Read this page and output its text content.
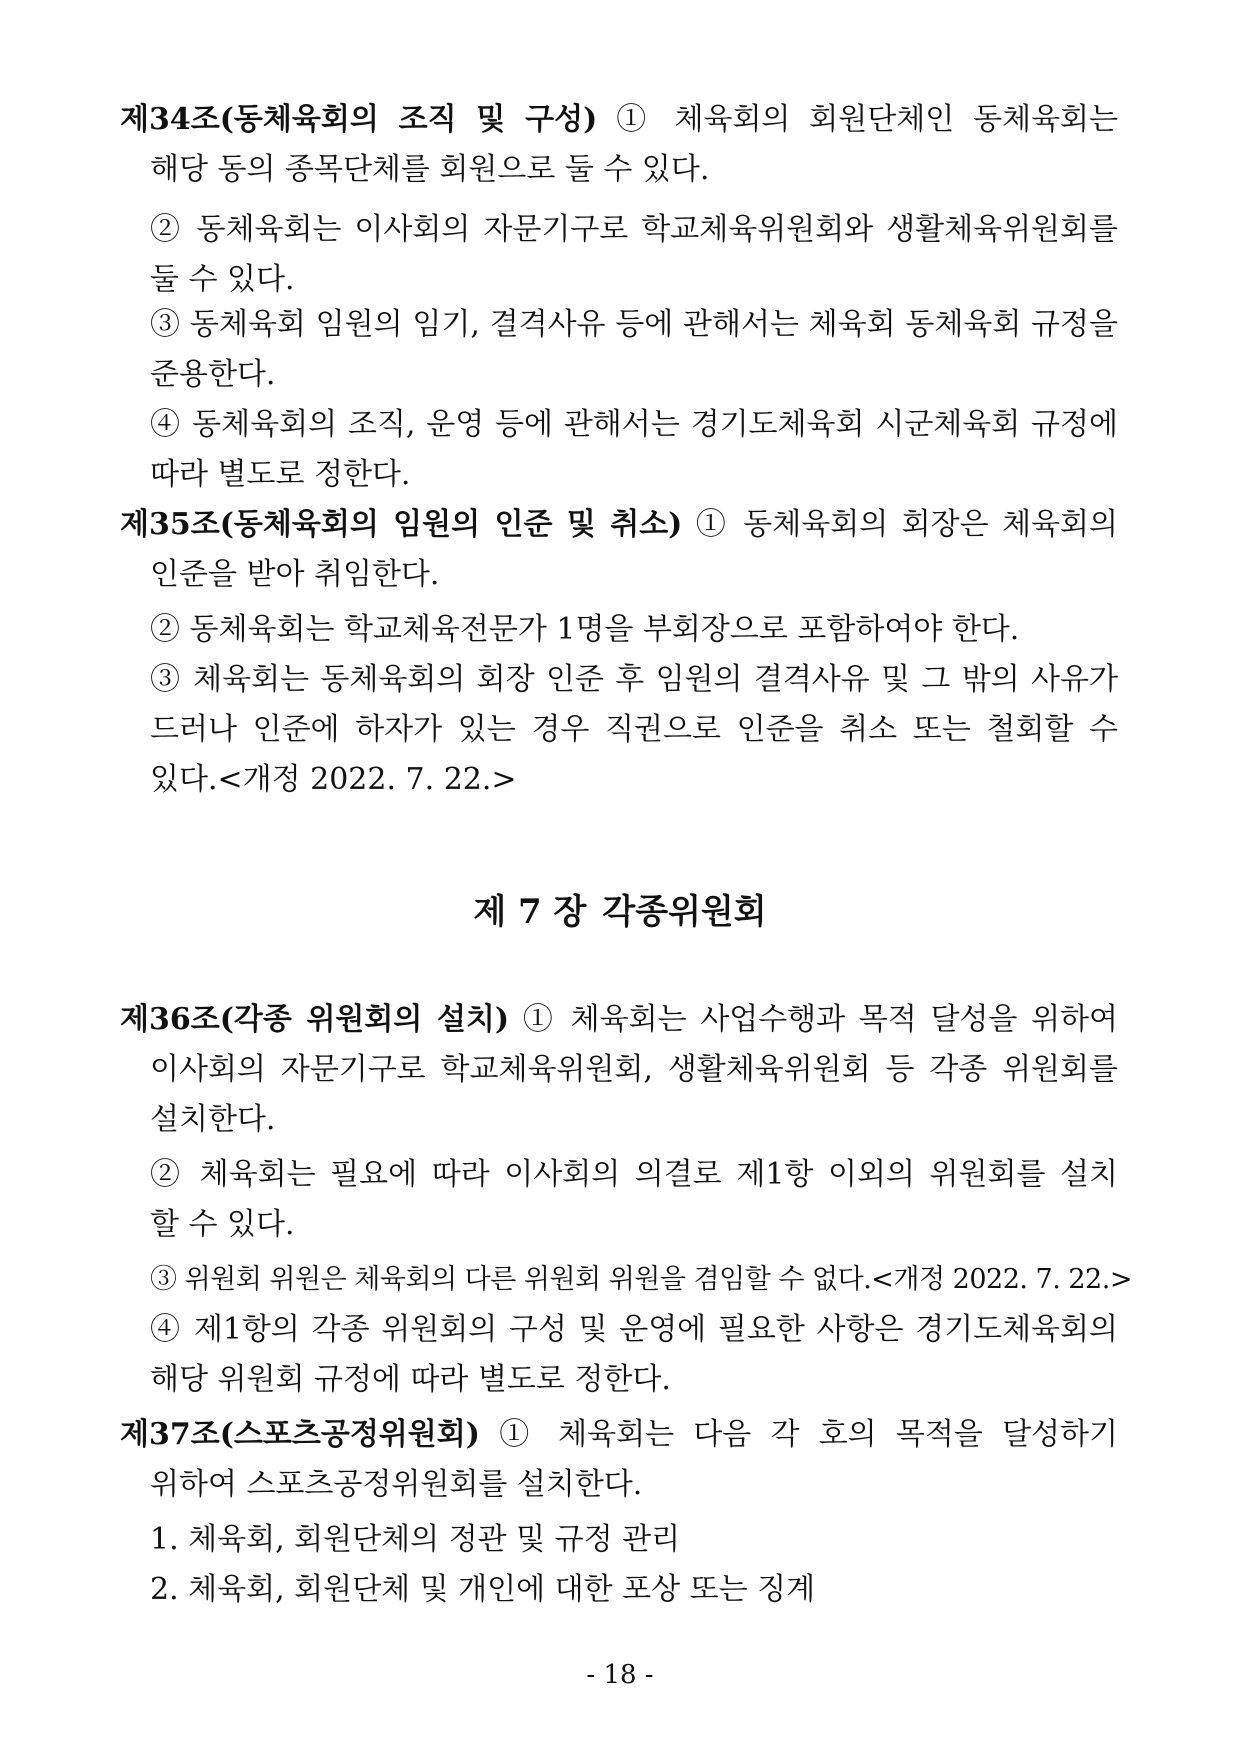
제34조(동체육회의 조직 및 구성) ① 체육회의 회원단체인 동체육회는
해당 동의 종목단체를 회원으로 둘 수 있다.
② 동체육회는 이사회의 자문기구로 학교체육위원회와 생활체육위원회를
둘 수 있다.
③ 동체육회 임원의 임기, 결격사유 등에 관해서는 체육회 동체육회 규정을
준용한다.
④ 동체육회의 조직, 운영 등에 관해서는 경기도체육회 시군체육회 규정에
따라 별도로 정한다.
제35조(동체육회의 임원의 인준 및 취소) ① 동체육회의 회장은 체육회의
인준을 받아 취임한다.
② 동체육회는 학교체육전문가 1명을 부회장으로 포함하여야 한다.
③ 체육회는 동체육회의 회장 인준 후 임원의 결격사유 및 그 밖의 사유가
드러나 인준에 하자가 있는 경우 직권으로 인준을 취소 또는 철회할 수
있다.<개정 2022. 7. 22.>
제 7 장 각종위원회
제36조(각종 위원회의 설치) ① 체육회는 사업수행과 목적 달성을 위하여
이사회의 자문기구로 학교체육위원회, 생활체육위원회 등 각종 위원회를
설치한다.
② 체육회는 필요에 따라 이사회의 의결로 제1항 이외의 위원회를 설치
할 수 있다.
③ 위원회 위원은 체육회의 다른 위원회 위원을 겸임할 수 없다.<개정 2022. 7. 22.>
④ 제1항의 각종 위원회의 구성 및 운영에 필요한 사항은 경기도체육회의
해당 위원회 규정에 따라 별도로 정한다.
제37조(스포츠공정위원회) ① 체육회는 다음 각 호의 목적을 달성하기
위하여 스포츠공정위원회를 설치한다.
1. 체육회, 회원단체의 정관 및 규정 관리
2. 체육회, 회원단체 및 개인에 대한 포상 또는 징계
- 18 -
